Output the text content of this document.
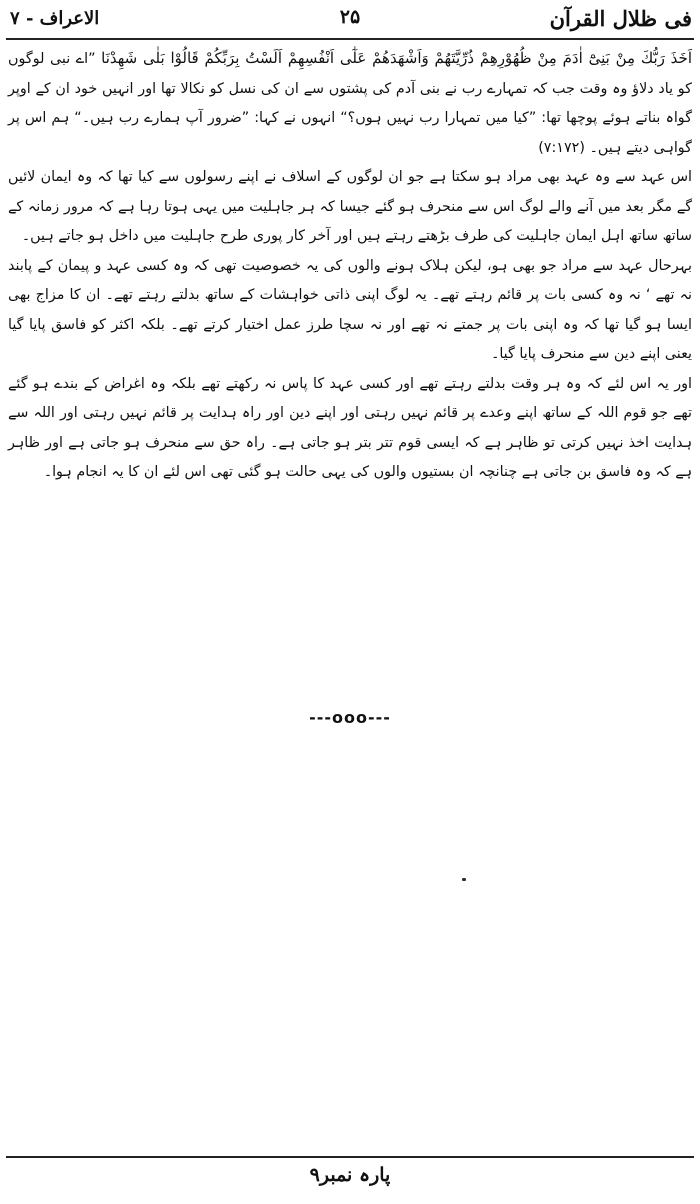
فی ظلال القرآن
۲۵
الاعراف - ۷

اَخَذَ رَبُّكَ مِنْ بَنِیْٓ اٰدَمَ مِنْ ظُهُوْرِهِمْ ذُرِّیَّتَهُمْ وَاَشْهَدَهُمْ عَلٰٓى اَنْفُسِهِمْ اَلَسْتُ بِرَبِّكُمْ قَالُوْا بَلٰى شَهِدْنَا ”اے نبی لوگوں کو یاد دلاؤ وہ وقت جب کہ تمہارے رب نے بنی آدم کی پشتوں سے ان کی نسل کو نکالا تھا اور انہیں خود ان کے اوپر گواہ بناتے ہوئے پوچھا تھا: ”کیا میں تمہارا رب نہیں ہوں؟“ انہوں نے کہا: ”ضرور آپ ہمارے رب ہیں۔“ ہم اس پر گواہی دیتے ہیں۔ (۷:۱۷۲)

اس عہد سے وہ عہد بھی مراد ہو سکتا ہے جو ان لوگوں کے اسلاف نے اپنے رسولوں سے کیا تھا کہ وہ ایمان لائیں گے مگر بعد میں آنے والے لوگ اس سے منحرف ہو گئے جیسا کہ ہر جاہلیت میں یہی ہوتا رہا ہے کہ مرور زمانہ کے ساتھ ساتھ اہل ایمان جاہلیت کی طرف بڑھتے رہتے ہیں اور آخر کار پوری طرح جاہلیت میں داخل ہو جاتے ہیں۔

بہرحال عہد سے مراد جو بھی ہو، لیکن ہلاک ہونے والوں کی یہ خصوصیت تھی کہ وہ کسی عہد و پیمان کے پابند نہ تھے ‘ نہ وہ کسی بات پر قائم رہتے تھے۔ یہ لوگ اپنی ذاتی خواہشات کے ساتھ بدلتے رہتے تھے۔ ان کا مزاج بھی ایسا ہو گیا تھا کہ وہ اپنی بات پر جمتے نہ تھے اور نہ سچا طرز عمل اختیار کرتے تھے۔ بلکہ اکثر کو فاسق پایا گیا یعنی اپنے دین سے منحرف پایا گیا۔

اور یہ اس لئے کہ وہ ہر وقت بدلتے رہتے تھے اور کسی عہد کا پاس نہ رکھتے تھے بلکہ وہ اغراض کے بندے ہو گئے تھے جو قوم اللہ کے ساتھ اپنے وعدے پر قائم نہیں رہتی اور اپنے دین اور راہ ہدایت پر قائم نہیں رہتی اور اللہ سے ہدایت اخذ نہیں کرتی تو ظاہر ہے کہ ایسی قوم تتر بتر ہو جاتی ہے۔ راہ حق سے منحرف ہو جاتی ہے اور ظاہر ہے کہ وہ فاسق بن جاتی ہے چنانچہ ان بستیوں والوں کی یہی حالت ہو گئی تھی اس لئے ان کا یہ انجام ہوا۔

---ooo---
پارہ نمبر۹
